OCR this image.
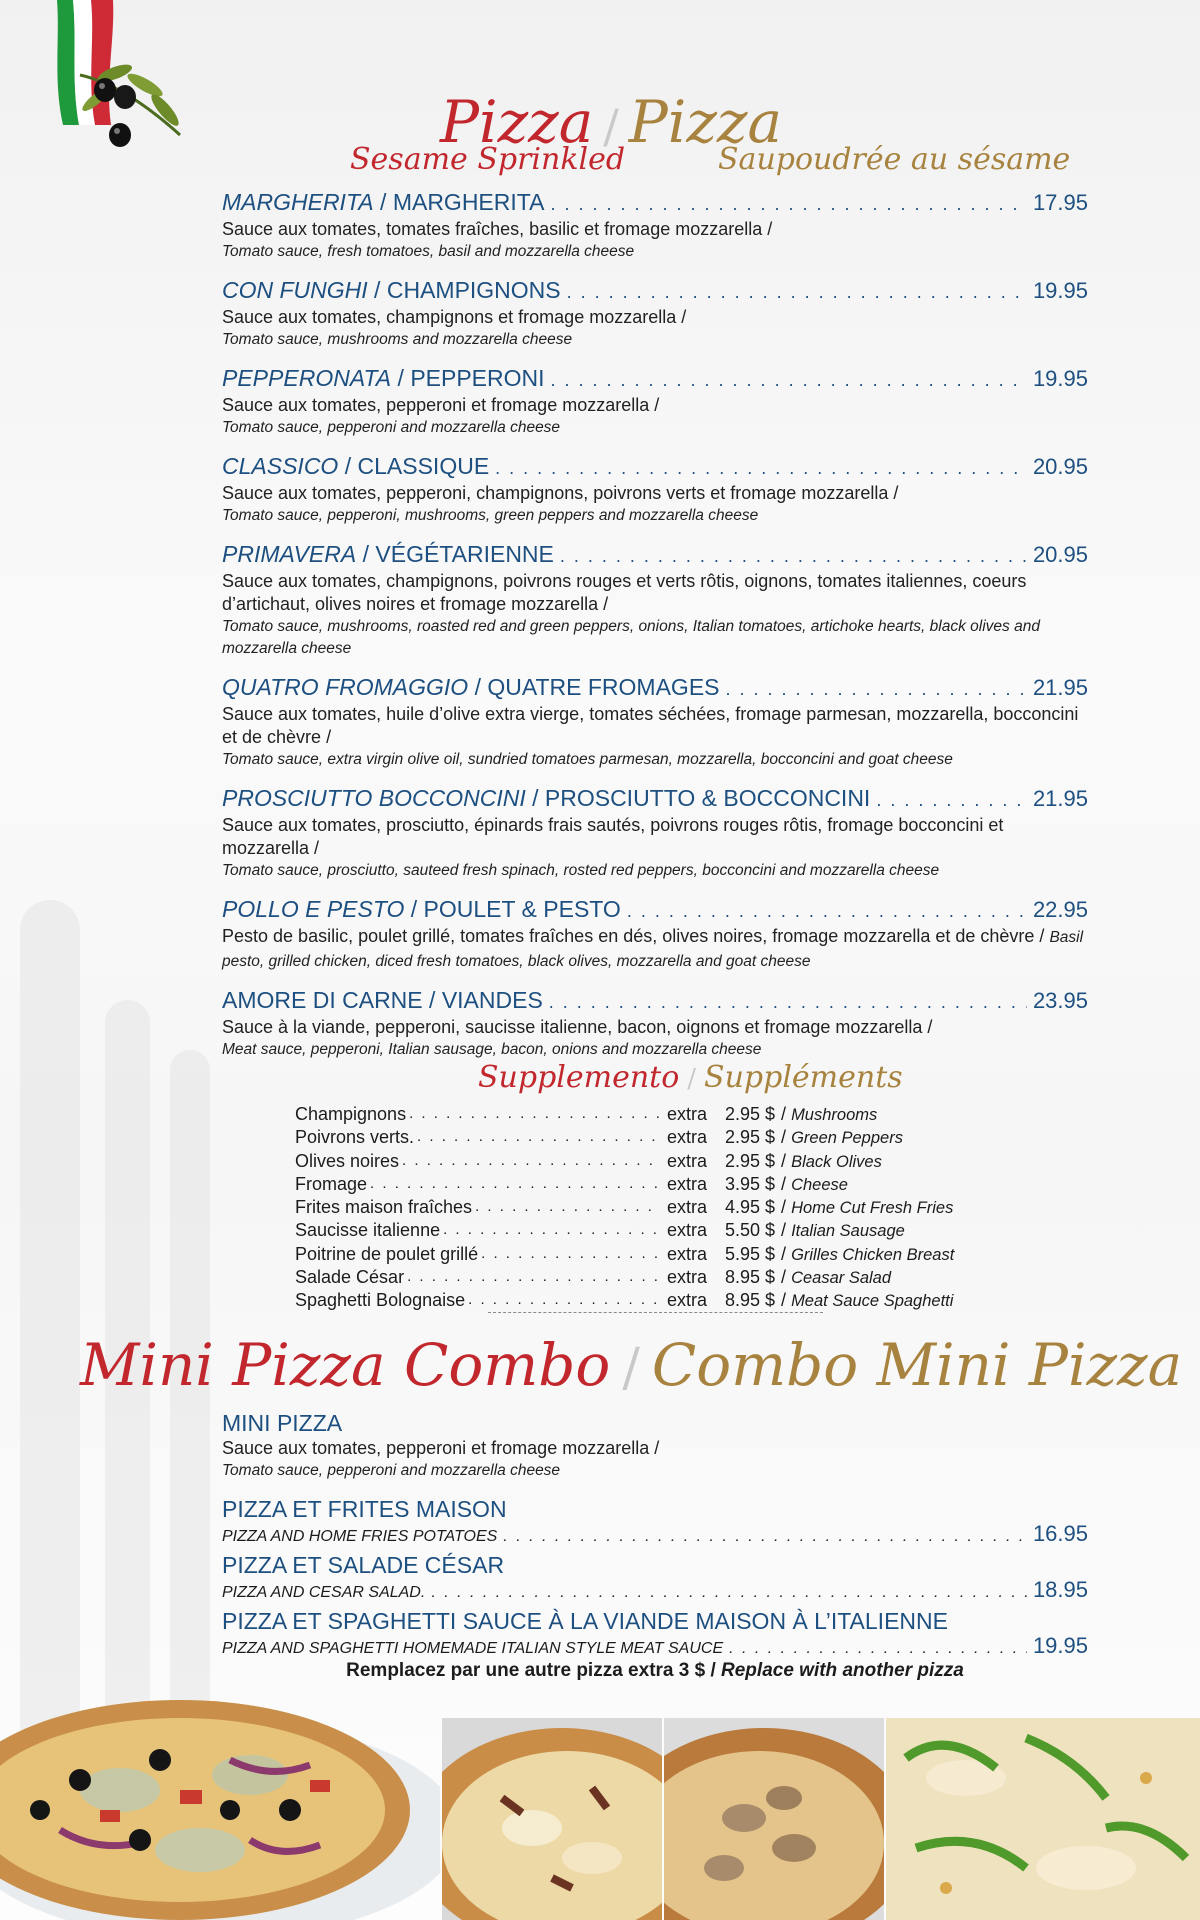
Pizza / Pizza
Sesame Sprinkled	Saupoudrée au sésame
MARGHERITA / MARGHERITA . . .	17.95
Sauce aux tomates, tomates fraîches, basilic et fromage mozzarella /
Tomato sauce, fresh tomatoes, basil and mozzarella cheese
CON FUNGHI / CHAMPIGNONS . . .	19.95
Sauce aux tomates, champignons et fromage mozzarella /
Tomato sauce, mushrooms and mozzarella cheese
PEPPERONATA / PEPPERONI . . .	19.95
Sauce aux tomates, pepperoni et fromage mozzarella /
Tomato sauce, pepperoni and mozzarella cheese
CLASSICO / CLASSIQUE . . .	20.95
Sauce aux tomates, pepperoni, champignons, poivrons verts et fromage mozzarella /
Tomato sauce, pepperoni, mushrooms, green peppers and mozzarella cheese
PRIMAVERA / VÉGÉTARIENNE . . .	20.95
Sauce aux tomates, champignons, poivrons rouges et verts rôtis, oignons, tomates italiennes, coeurs d’artichaut, olives noires et fromage mozzarella /
Tomato sauce, mushrooms, roasted red and green peppers, onions, Italian tomatoes, artichoke hearts, black olives and mozzarella cheese
QUATRO FROMAGGIO / QUATRE FROMAGES . . .	21.95
Sauce aux tomates, huile d’olive extra vierge, tomates séchées, fromage parmesan, mozzarella, bocconcini et de chèvre /
Tomato sauce, extra virgin olive oil, sundried tomatoes parmesan, mozzarella, bocconcini and goat cheese
PROSCIUTTO BOCCONCINI / PROSCIUTTO & BOCCONCINI . . .	21.95
Sauce aux tomates, prosciutto, épinards frais sautés, poivrons rouges rôtis, fromage bocconcini et mozzarella /
Tomato sauce, prosciutto, sauteed fresh spinach, rosted red peppers, bocconcini and mozzarella cheese
POLLO E PESTO / POULET & PESTO . . .	22.95
Pesto de basilic, poulet grillé, tomates fraîches en dés, olives noires, fromage mozzarella et de chèvre / Basil pesto, grilled chicken, diced fresh tomatoes, black olives, mozzarella and goat cheese
AMORE DI CARNE / VIANDES . . .	23.95
Sauce à la viande, pepperoni, saucisse italienne, bacon, oignons et fromage mozzarella /
Meat sauce, pepperoni, Italian sausage, bacon, onions and mozzarella cheese
Supplemento / Suppléments
Champignons . . .	extra 2.95 $ / Mushrooms
Poivrons verts. . . .	extra 2.95 $ / Green Peppers
Olives noires . . .	extra 2.95 $ / Black Olives
Fromage . . .	extra 3.95 $ / Cheese
Frites maison fraîches . . .	extra 4.95 $ / Home Cut Fresh Fries
Saucisse italienne . . .	extra 5.50 $ / Italian Sausage
Poitrine de poulet grillé . . .	extra 5.95 $ / Grilles Chicken Breast
Salade César . . .	extra 8.95 $ / Ceasar Salad
Spaghetti Bolognaise . . .	extra 8.95 $ / Meat Sauce Spaghetti
Mini Pizza Combo / Combo Mini Pizza
MINI PIZZA
Sauce aux tomates, pepperoni et fromage mozzarella /
Tomato sauce, pepperoni and mozzarella cheese
PIZZA ET FRITES MAISON
PIZZA AND HOME FRIES POTATOES . . .	16.95
PIZZA ET SALADE CÉSAR
PIZZA AND CESAR SALAD. . . .	18.95
PIZZA ET SPAGHETTI SAUCE À LA VIANDE MAISON À L’ITALIENNE
PIZZA AND SPAGHETTI HOMEMADE ITALIAN STYLE MEAT SAUCE . . .	19.95
Remplacez par une autre pizza extra 3 $ / Replace with another pizza
